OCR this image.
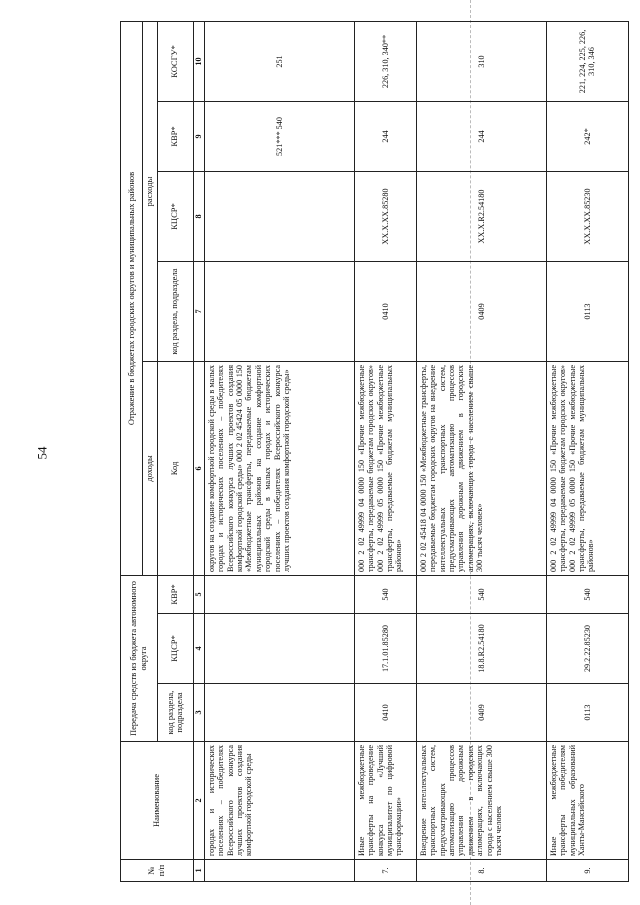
54
№ п/п	Наименование	Передача средств из бюджета автономного округа			Отражение в бюджетах городских округов и муниципальных районов				
					доходы	расходы			
		код раздела, подраздела	КЦСР*	КВР*	Код	код раздела, подраздела	КЦСР*	КВР*	КОСГУ*
1	2	3	4	5	6	7	8	9	10
	городах и исторических поселениях – победителях Всероссийского конкурса лучших проектов создания комфортной городской среды				округов на создание комфортной городской среды в малых городах и исторических поселениях – победителях Всероссийского конкурса лучших проектов создания комфортной городской среды» 000 2 02 45424 05 0000 150 «Межбюджетные трансферты, передаваемые бюджетам муниципальных районов на создание комфортной городской среды в малых городах и исторических поселениях – победителях Всероссийского конкурса лучших проектов создания комфортной городской среды»			521*** 540	251
7.	Иные межбюджетные трансферты на проведение конкурса «Лучший муниципалитет по цифровой трансформации»	0410	17.1.01.85280	540	000 2 02 49999 04 0000 150 «Прочие межбюджетные трансферты, передаваемые бюджетам городских округов» 000 2 02 49999 05 0000 150 «Прочие межбюджетные трансферты, передаваемые бюджетам муниципальных районов»	0410	ХХ.Х.ХХ.85280	244	226, 310, 340**
8.	Внедрение интеллектуальных транспортных систем, предусматривающих автоматизацию процессов управления дорожным движением в городских агломерациях, включающих города с населением свыше 300 тысяч человек	0409	18.8.R2.54180	540	000 2 02 45418 04 0000 150 «Межбюджетные трансферты, передаваемые бюджетам городских округов на внедрение интеллектуальных транспортных систем, предусматривающих автоматизацию процессов управления дорожным движением в городских агломерациях, включающих города с населением свыше 300 тысяч человек»	0409	ХХ.Х.R2.54180	244	310
9.	Иные межбюджетные трансферты победителям муниципальных образований Ханты-Мансийского	0113	29.2.22.85230	540	000 2 02 49999 04 0000 150 «Прочие межбюджетные трансферты, передаваемые бюджетам городских округов» 000 2 02 49999 05 0000 150 «Прочие межбюджетные трансферты, передаваемые бюджетам муниципальных районов»	0113	ХХ.Х.ХХ.85230	242*	221, 224, 225, 226, 310, 346
